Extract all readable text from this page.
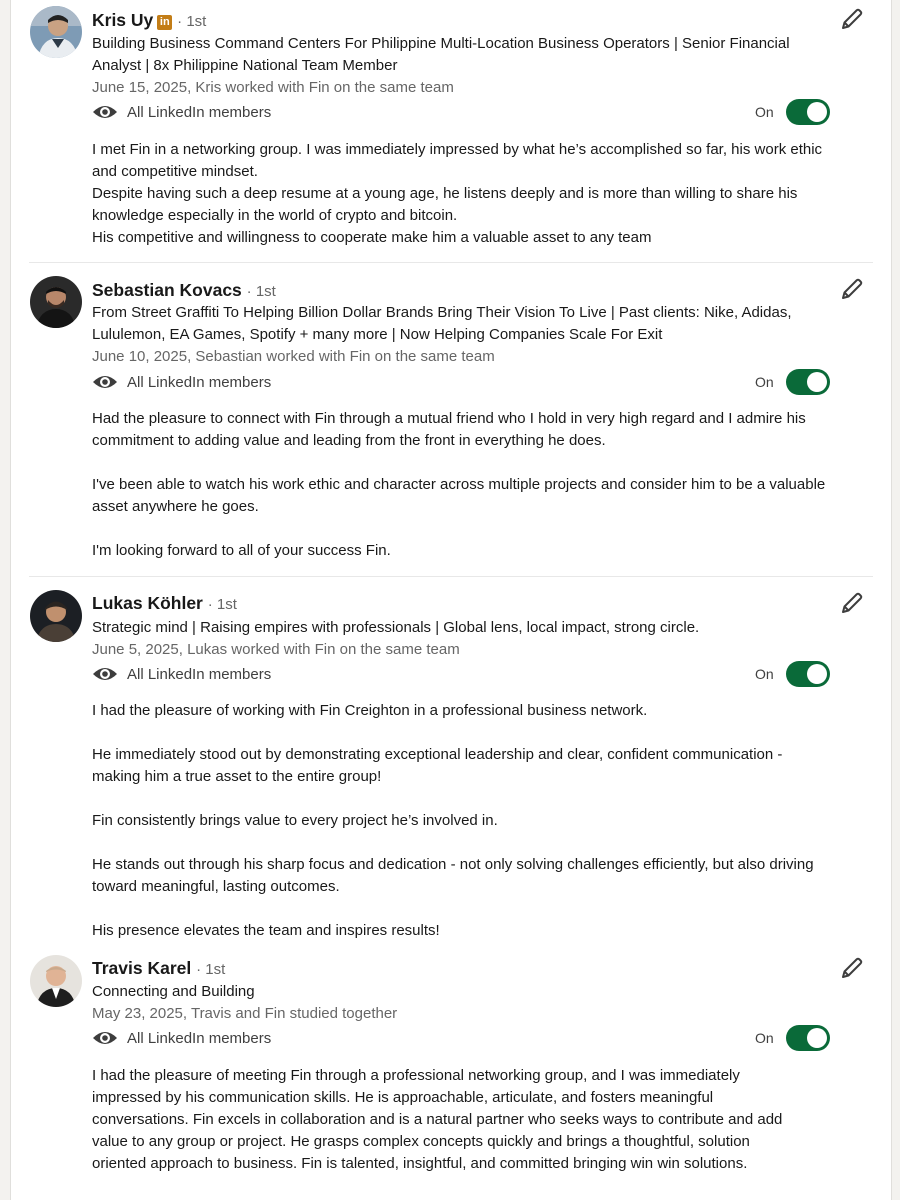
Kris Uy in · 1st
Building Business Command Centers For Philippine Multi-Location Business Operators | Senior Financial Analyst | 8x Philippine National Team Member
June 15, 2025, Kris worked with Fin on the same team
All LinkedIn members	On

I met Fin in a networking group. I was immediately impressed by what he’s accomplished so far, his work ethic and competitive mindset.

Despite having such a deep resume at a young age, he listens deeply and is more than willing to share his knowledge especially in the world of crypto and bitcoin.

His competitive and willingness to cooperate make him a valuable asset to any team

Sebastian Kovacs · 1st
From Street Graffiti To Helping Billion Dollar Brands Bring Their Vision To Live | Past clients: Nike, Adidas, Lululemon, EA Games, Spotify + many more | Now Helping Companies Scale For Exit
June 10, 2025, Sebastian worked with Fin on the same team
All LinkedIn members	On

Had the pleasure to connect with Fin through a mutual friend who I hold in very high regard and I admire his commitment to adding value and leading from the front in everything he does.

I've been able to watch his work ethic and character across multiple projects and consider him to be a valuable asset anywhere he goes.

I'm looking forward to all of your success Fin.

Lukas Köhler · 1st
Strategic mind | Raising empires with professionals | Global lens, local impact, strong circle.
June 5, 2025, Lukas worked with Fin on the same team
All LinkedIn members	On

I had the pleasure of working with Fin Creighton in a professional business network.

He immediately stood out by demonstrating exceptional leadership and clear, confident communication - making him a true asset to the entire group!

Fin consistently brings value to every project he’s involved in.

He stands out through his sharp focus and dedication - not only solving challenges efficiently, but also driving toward meaningful, lasting outcomes.

His presence elevates the team and inspires results!

Travis Karel · 1st
Connecting and Building
May 23, 2025, Travis and Fin studied together
All LinkedIn members	On

I had the pleasure of meeting Fin through a professional networking group, and I was immediately impressed by his communication skills. He is approachable, articulate, and fosters meaningful conversations. Fin excels in collaboration and is a natural partner who seeks ways to contribute and add value to any group or project. He grasps complex concepts quickly and brings a thoughtful, solution oriented approach to business. Fin is talented, insightful, and committed bringing win win solutions.
